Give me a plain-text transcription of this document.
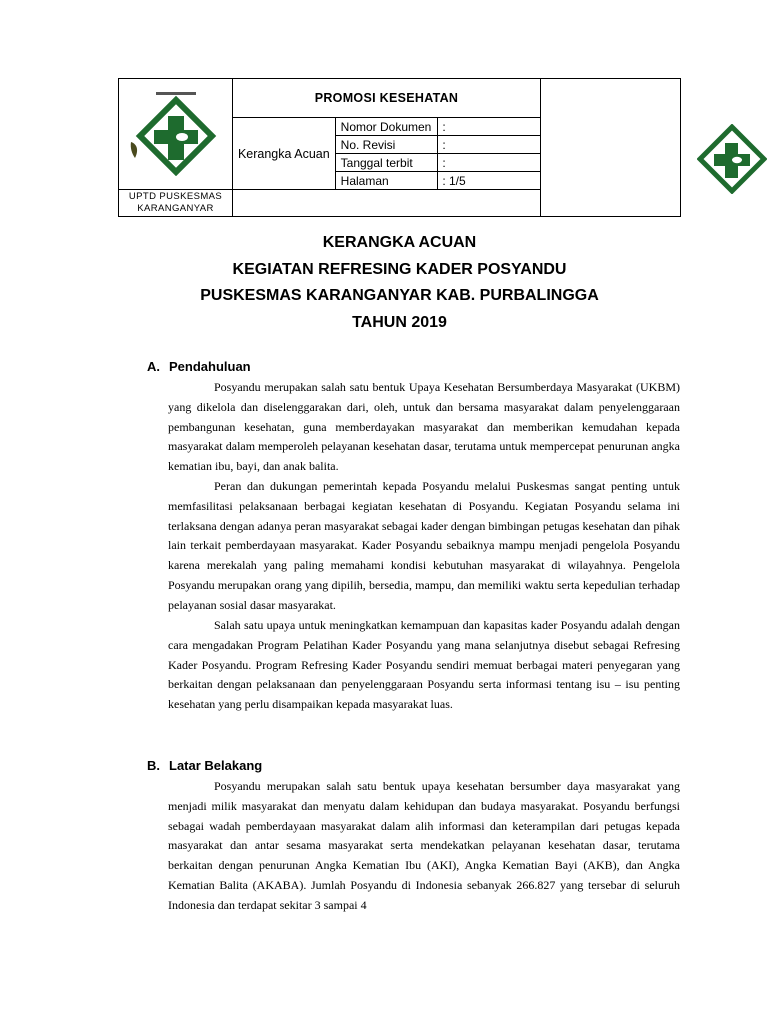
	PROMOSI KESEHATAN			
	Kerangka Acuan	Nomor Dokumen	:	
		No. Revisi	:	
		Tanggal terbit	:	
		Halaman	: 1/5	
UPTD PUSKESMAS KARANGANYAR				
KERANGKA ACUAN
KEGIATAN REFRESING KADER POSYANDU
PUSKESMAS KARANGANYAR KAB. PURBALINGGA
TAHUN 2019
A. Pendahuluan

Posyandu merupakan salah satu bentuk Upaya Kesehatan Bersumberdaya Masyarakat (UKBM) yang dikelola dan diselenggarakan dari, oleh, untuk dan bersama masyarakat dalam penyelenggaraan pembangunan kesehatan, guna memberdayakan masyarakat dan memberikan kemudahan kepada masyarakat dalam memperoleh pelayanan kesehatan dasar, terutama untuk mempercepat penurunan angka kematian ibu, bayi, dan anak balita.

Peran dan dukungan pemerintah kepada Posyandu melalui Puskesmas sangat penting untuk memfasilitasi pelaksanaan berbagai kegiatan kesehatan di Posyandu. Kegiatan Posyandu selama ini terlaksana dengan adanya peran masyarakat sebagai kader dengan bimbingan petugas kesehatan dan pihak lain terkait pemberdayaan masyarakat. Kader Posyandu sebaiknya mampu menjadi pengelola Posyandu karena merekalah yang paling memahami kondisi kebutuhan masyarakat di wilayahnya. Pengelola Posyandu merupakan orang yang dipilih, bersedia, mampu, dan memiliki waktu serta kepedulian terhadap pelayanan sosial dasar masyarakat.

Salah satu upaya untuk meningkatkan kemampuan dan kapasitas kader Posyandu adalah dengan cara mengadakan Program Pelatihan Kader Posyandu yang mana selanjutnya disebut sebagai Refresing Kader Posyandu. Program Refresing Kader Posyandu sendiri memuat berbagai materi penyegaran yang berkaitan dengan pelaksanaan dan penyelenggaraan Posyandu serta informasi tentang isu – isu penting kesehatan yang perlu disampaikan kepada masyarakat luas.

B. Latar Belakang

Posyandu merupakan salah satu bentuk upaya kesehatan bersumber daya masyarakat yang menjadi milik masyarakat dan menyatu dalam kehidupan dan budaya masyarakat. Posyandu berfungsi sebagai wadah pemberdayaan masyarakat dalam alih informasi dan keterampilan dari petugas kepada masyarakat dan antar sesama masyarakat serta mendekatkan pelayanan kesehatan dasar, terutama berkaitan dengan penurunan Angka Kematian Ibu (AKI), Angka Kematian Bayi (AKB), dan Angka Kematian Balita (AKABA). Jumlah Posyandu di Indonesia sebanyak 266.827 yang tersebar di seluruh Indonesia dan terdapat sekitar 3 sampai 4
